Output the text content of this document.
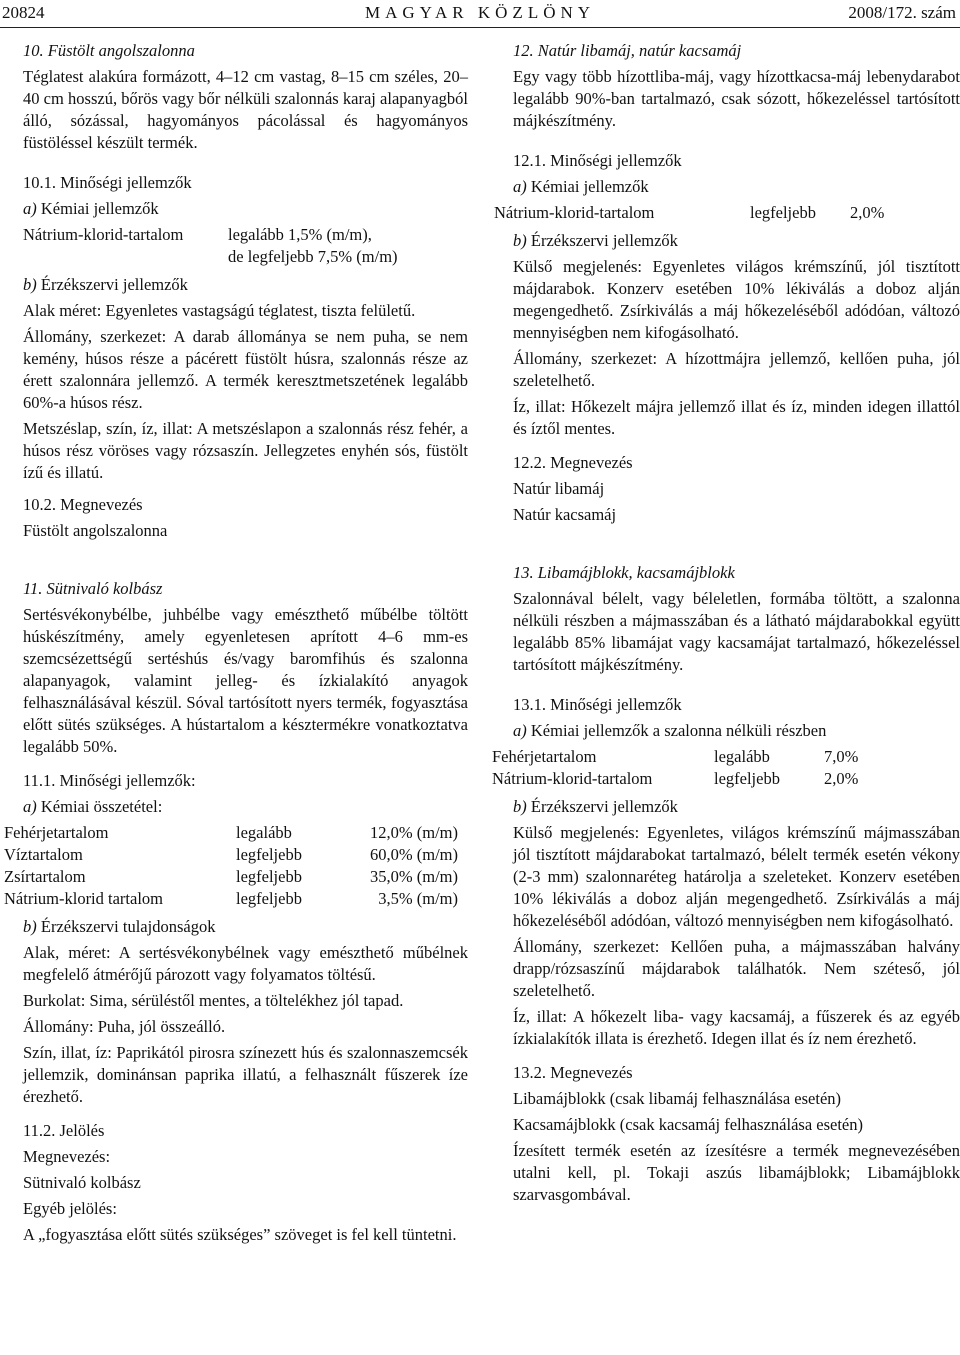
20824	MAGYAR KÖZLÖNY	2008/172. szám

10. Füstölt angolszalonna

Téglatest alakúra formázott, 4–12 cm vastag, 8–15 cm széles, 20–40 cm hosszú, bőrös vagy bőr nélküli szalonnás karaj alapanyagból álló, sózással, hagyományos pácolással és hagyományos füstöléssel készült termék.

10.1. Minőségi jellemzők

a) Kémiai jellemzők

Nátrium-klorid-tartalom	legalább 1,5% (m/m),
	de legfeljebb 7,5% (m/m)

b) Érzékszervi jellemzők

Alak méret: Egyenletes vastagságú téglatest, tiszta felületű.

Állomány, szerkezet: A darab állománya se nem puha, se nem kemény, húsos része a pácérett füstölt húsra, szalonnás része az érett szalonnára jellemző. A termék keresztmetszetének legalább 60%-a húsos rész.

Metszéslap, szín, íz, illat: A metszéslapon a szalonnás rész fehér, a húsos rész vöröses vagy rózsaszín. Jellegzetes enyhén sós, füstölt ízű és illatú.

10.2. Megnevezés

Füstölt angolszalonna

11. Sütnivaló kolbász

Sertésvékonybélbe, juhbélbe vagy emészthető műbélbe töltött húskészítmény, amely egyenletesen aprított 4–6 mm-es szemcsézettségű sertéshús és/vagy baromfihús és szalonna alapanyagok, valamint jelleg- és ízkialakító anyagok felhasználásával készül. Sóval tartósított nyers termék, fogyasztása előtt sütés szükséges. A hústartalom a késztermékre vonatkoztatva legalább 50%.

11.1. Minőségi jellemzők:

a) Kémiai összetétel:

Fehérjetartalom	legalább	12,0% (m/m)
Víztartalom	legfeljebb	60,0% (m/m)
Zsírtartalom	legfeljebb	35,0% (m/m)
Nátrium-klorid tartalom	legfeljebb	3,5% (m/m)

b) Érzékszervi tulajdonságok

Alak, méret: A sertésvékonybélnek vagy emészthető műbélnek megfelelő átmérőjű pározott vagy folyamatos töltésű.

Burkolat: Sima, sérüléstől mentes, a töltelékhez jól tapad.

Állomány: Puha, jól összeálló.

Szín, illat, íz: Paprikától pirosra színezett hús és szalonnaszemcsék jellemzik, dominánsan paprika illatú, a felhasznált fűszerek íze érezhető.

11.2. Jelölés

Megnevezés:

Sütnivaló kolbász

Egyéb jelölés:

A „fogyasztása előtt sütés szükséges” szöveget is fel kell tüntetni.

12. Natúr libamáj, natúr kacsamáj

Egy vagy több hízottliba-máj, vagy hízottkacsa-máj lebenydarabot legalább 90%-ban tartalmazó, csak sózott, hőkezeléssel tartósított májkészítmény.

12.1. Minőségi jellemzők

a) Kémiai jellemzők

Nátrium-klorid-tartalom	legfeljebb	2,0%

b) Érzékszervi jellemzők

Külső megjelenés: Egyenletes világos krémszínű, jól tisztított májdarabok. Konzerv esetében 10% lékiválás a doboz alján megengedhető. Zsírkiválás a máj hőkezeléséből adódóan, változó mennyiségben nem kifogásolható.

Állomány, szerkezet: A hízottmájra jellemző, kellően puha, jól szeletelhető.

Íz, illat: Hőkezelt májra jellemző illat és íz, minden idegen illattól és íztől mentes.

12.2. Megnevezés

Natúr libamáj

Natúr kacsamáj

13. Libamájblokk, kacsamájblokk

Szalonnával bélelt, vagy béleletlen, formába töltött, a szalonna nélküli részben a májmasszában és a látható májdarabokkal együtt legalább 85% libamájat vagy kacsamájat tartalmazó, hőkezeléssel tartósított májkészítmény.

13.1. Minőségi jellemzők

a) Kémiai jellemzők a szalonna nélküli részben

Fehérjetartalom	legalább	7,0%
Nátrium-klorid-tartalom	legfeljebb	2,0%

b) Érzékszervi jellemzők

Külső megjelenés: Egyenletes, világos krémszínű májmasszában jól tisztított májdarabokat tartalmazó, bélelt termék esetén vékony (2-3 mm) szalonnaréteg határolja a szeleteket. Konzerv esetében 10% lékiválás a doboz alján megengedhető. Zsírkiválás a máj hőkezeléséből adódóan, változó mennyiségben nem kifogásolható.

Állomány, szerkezet: Kellően puha, a májmasszában halvány drapp/rózsaszínű májdarabok találhatók. Nem széteső, jól szeletelhető.

Íz, illat: A hőkezelt liba- vagy kacsamáj, a fűszerek és az egyéb ízkialakítók illata is érezhető. Idegen illat és íz nem érezhető.

13.2. Megnevezés

Libamájblokk (csak libamáj felhasználása esetén)

Kacsamájblokk (csak kacsamáj felhasználása esetén)

Ízesített termék esetén az ízesítésre a termék megnevezésében utalni kell, pl. Tokaji aszús libamájblokk; Libamájblokk szarvasgombával.
